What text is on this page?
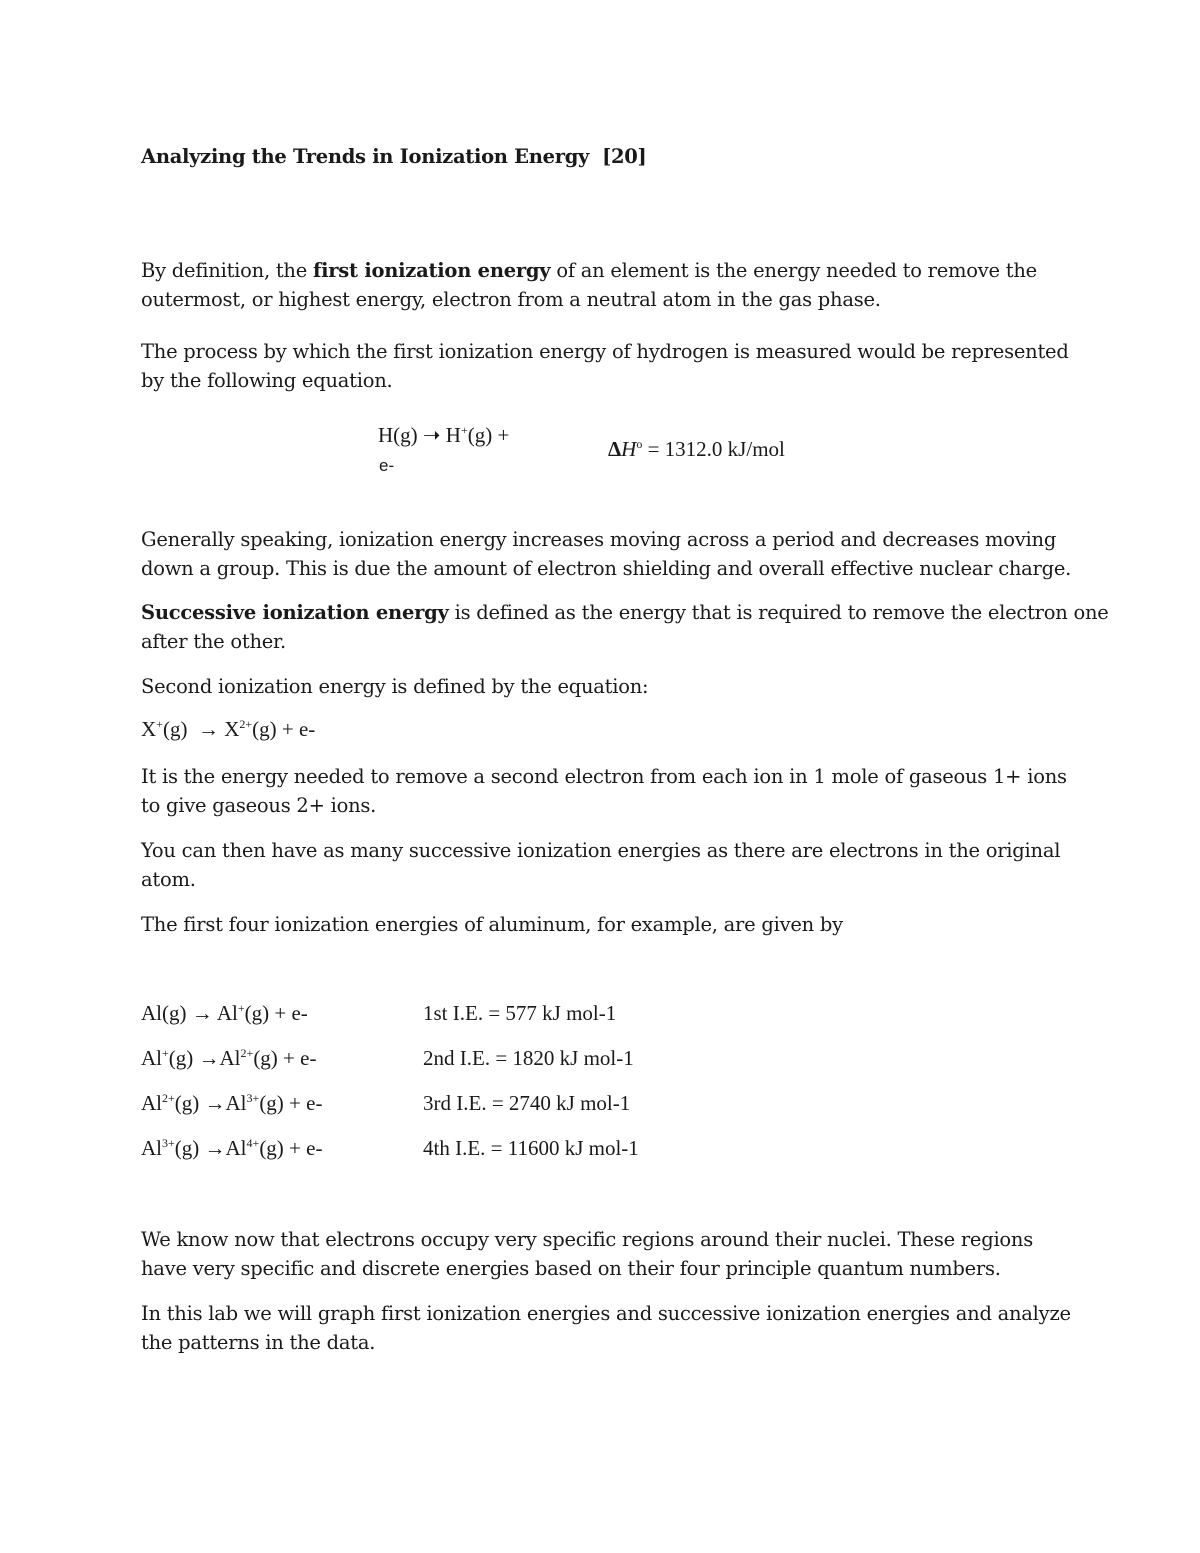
Analyzing the Trends in Ionization Energy [20]
By definition, the first ionization energy of an element is the energy needed to remove the
outermost, or highest energy, electron from a neutral atom in the gas phase.
The process by which the first ionization energy of hydrogen is measured would be represented
by the following equation.
H(g) ➝ H+(g) +
e-
$\Delta H^o = 1312.0$ kJ/mol
Generally speaking, ionization energy increases moving across a period and decreases moving
down a group. This is due the amount of electron shielding and overall effective nuclear charge.
Successive ionization energy is defined as the energy that is required to remove the electron one
after the other.
Second ionization energy is defined by the equation:
$X^+(g) \to X^{2+}(g) + e-$
It is the energy needed to remove a second electron from each ion in 1 mole of gaseous 1+ ions
to give gaseous 2+ ions.
You can then have as many successive ionization energies as there are electrons in the original
atom.
The first four ionization energies of aluminum, for example, are given by
Al(g) → Al+(g) + e-	1st I.E. = 577 kJ mol-1
$Al^+(g) \to Al^{2+}(g) + e-$	2nd I.E. = 1820 kJ mol-1
$Al^{2+}(g) \to Al^{3+}(g) + e-$	3rd I.E. = 2740 kJ mol-1
$Al^{3+}(g) \to Al^{4+}(g) + e-$	4th I.E. = 11600 kJ mol-1
We know now that electrons occupy very specific regions around their nuclei. These regions
have very specific and discrete energies based on their four principle quantum numbers.
In this lab we will graph first ionization energies and successive ionization energies and analyze
the patterns in the data.
